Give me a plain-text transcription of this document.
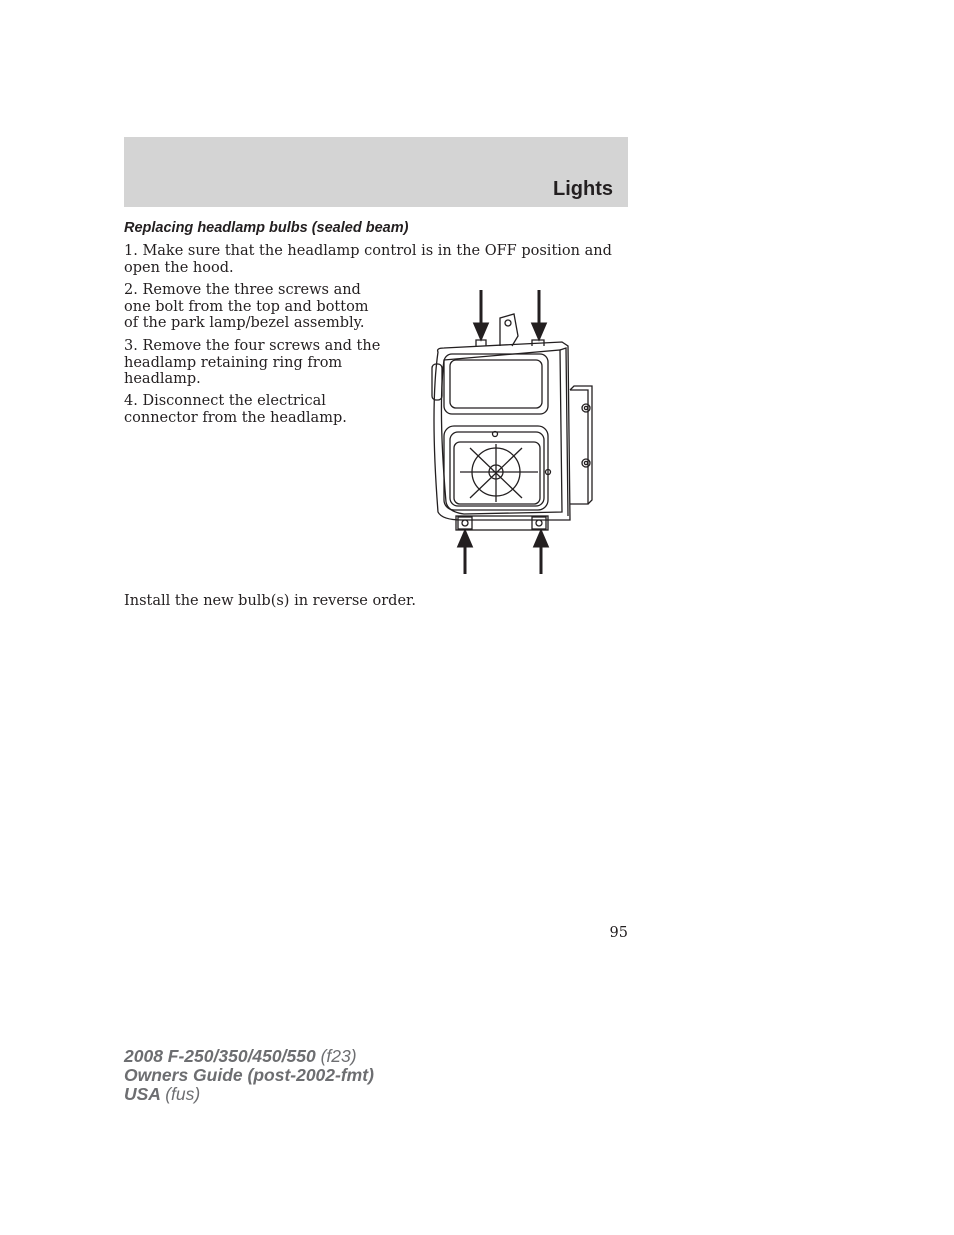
Lights
Replacing headlamp bulbs (sealed beam)

1. Make sure that the headlamp control is in the OFF position and open the hood.

2. Remove the three screws and one bolt from the top and bottom of the park lamp/bezel assembly.

3. Remove the four screws and the headlamp retaining ring from headlamp.

4. Disconnect the electrical connector from the headlamp.

Install the new bulb(s) in reverse order.

95
2008 F-250/350/450/550 (f23)
Owners Guide (post-2002-fmt)
USA (fus)
